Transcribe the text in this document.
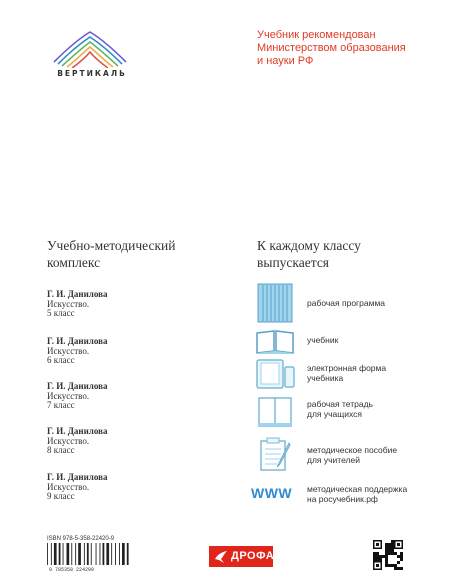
ВЕРТИКАЛЬ
Учебник рекомендован
Министерством образования
и науки РФ
Учебно-методический
комплекс
Г. И. Данилова
Искусство.
5 класс
Г. И. Данилова
Искусство.
6 класс
Г. И. Данилова
Искусство.
7 класс
Г. И. Данилова
Искусство.
8 класс
Г. И. Данилова
Искусство.
9 класс
К каждому классу
выпускается
рабочая программа
учебник
электронная форма
учебника
рабочая тетрадь
для учащихся
методическое пособие
для учителей
WWW методическая поддержка
на росучебник.рф
ISBN 978-5-358-22420-9
9 785358 224209
ДРОФА
